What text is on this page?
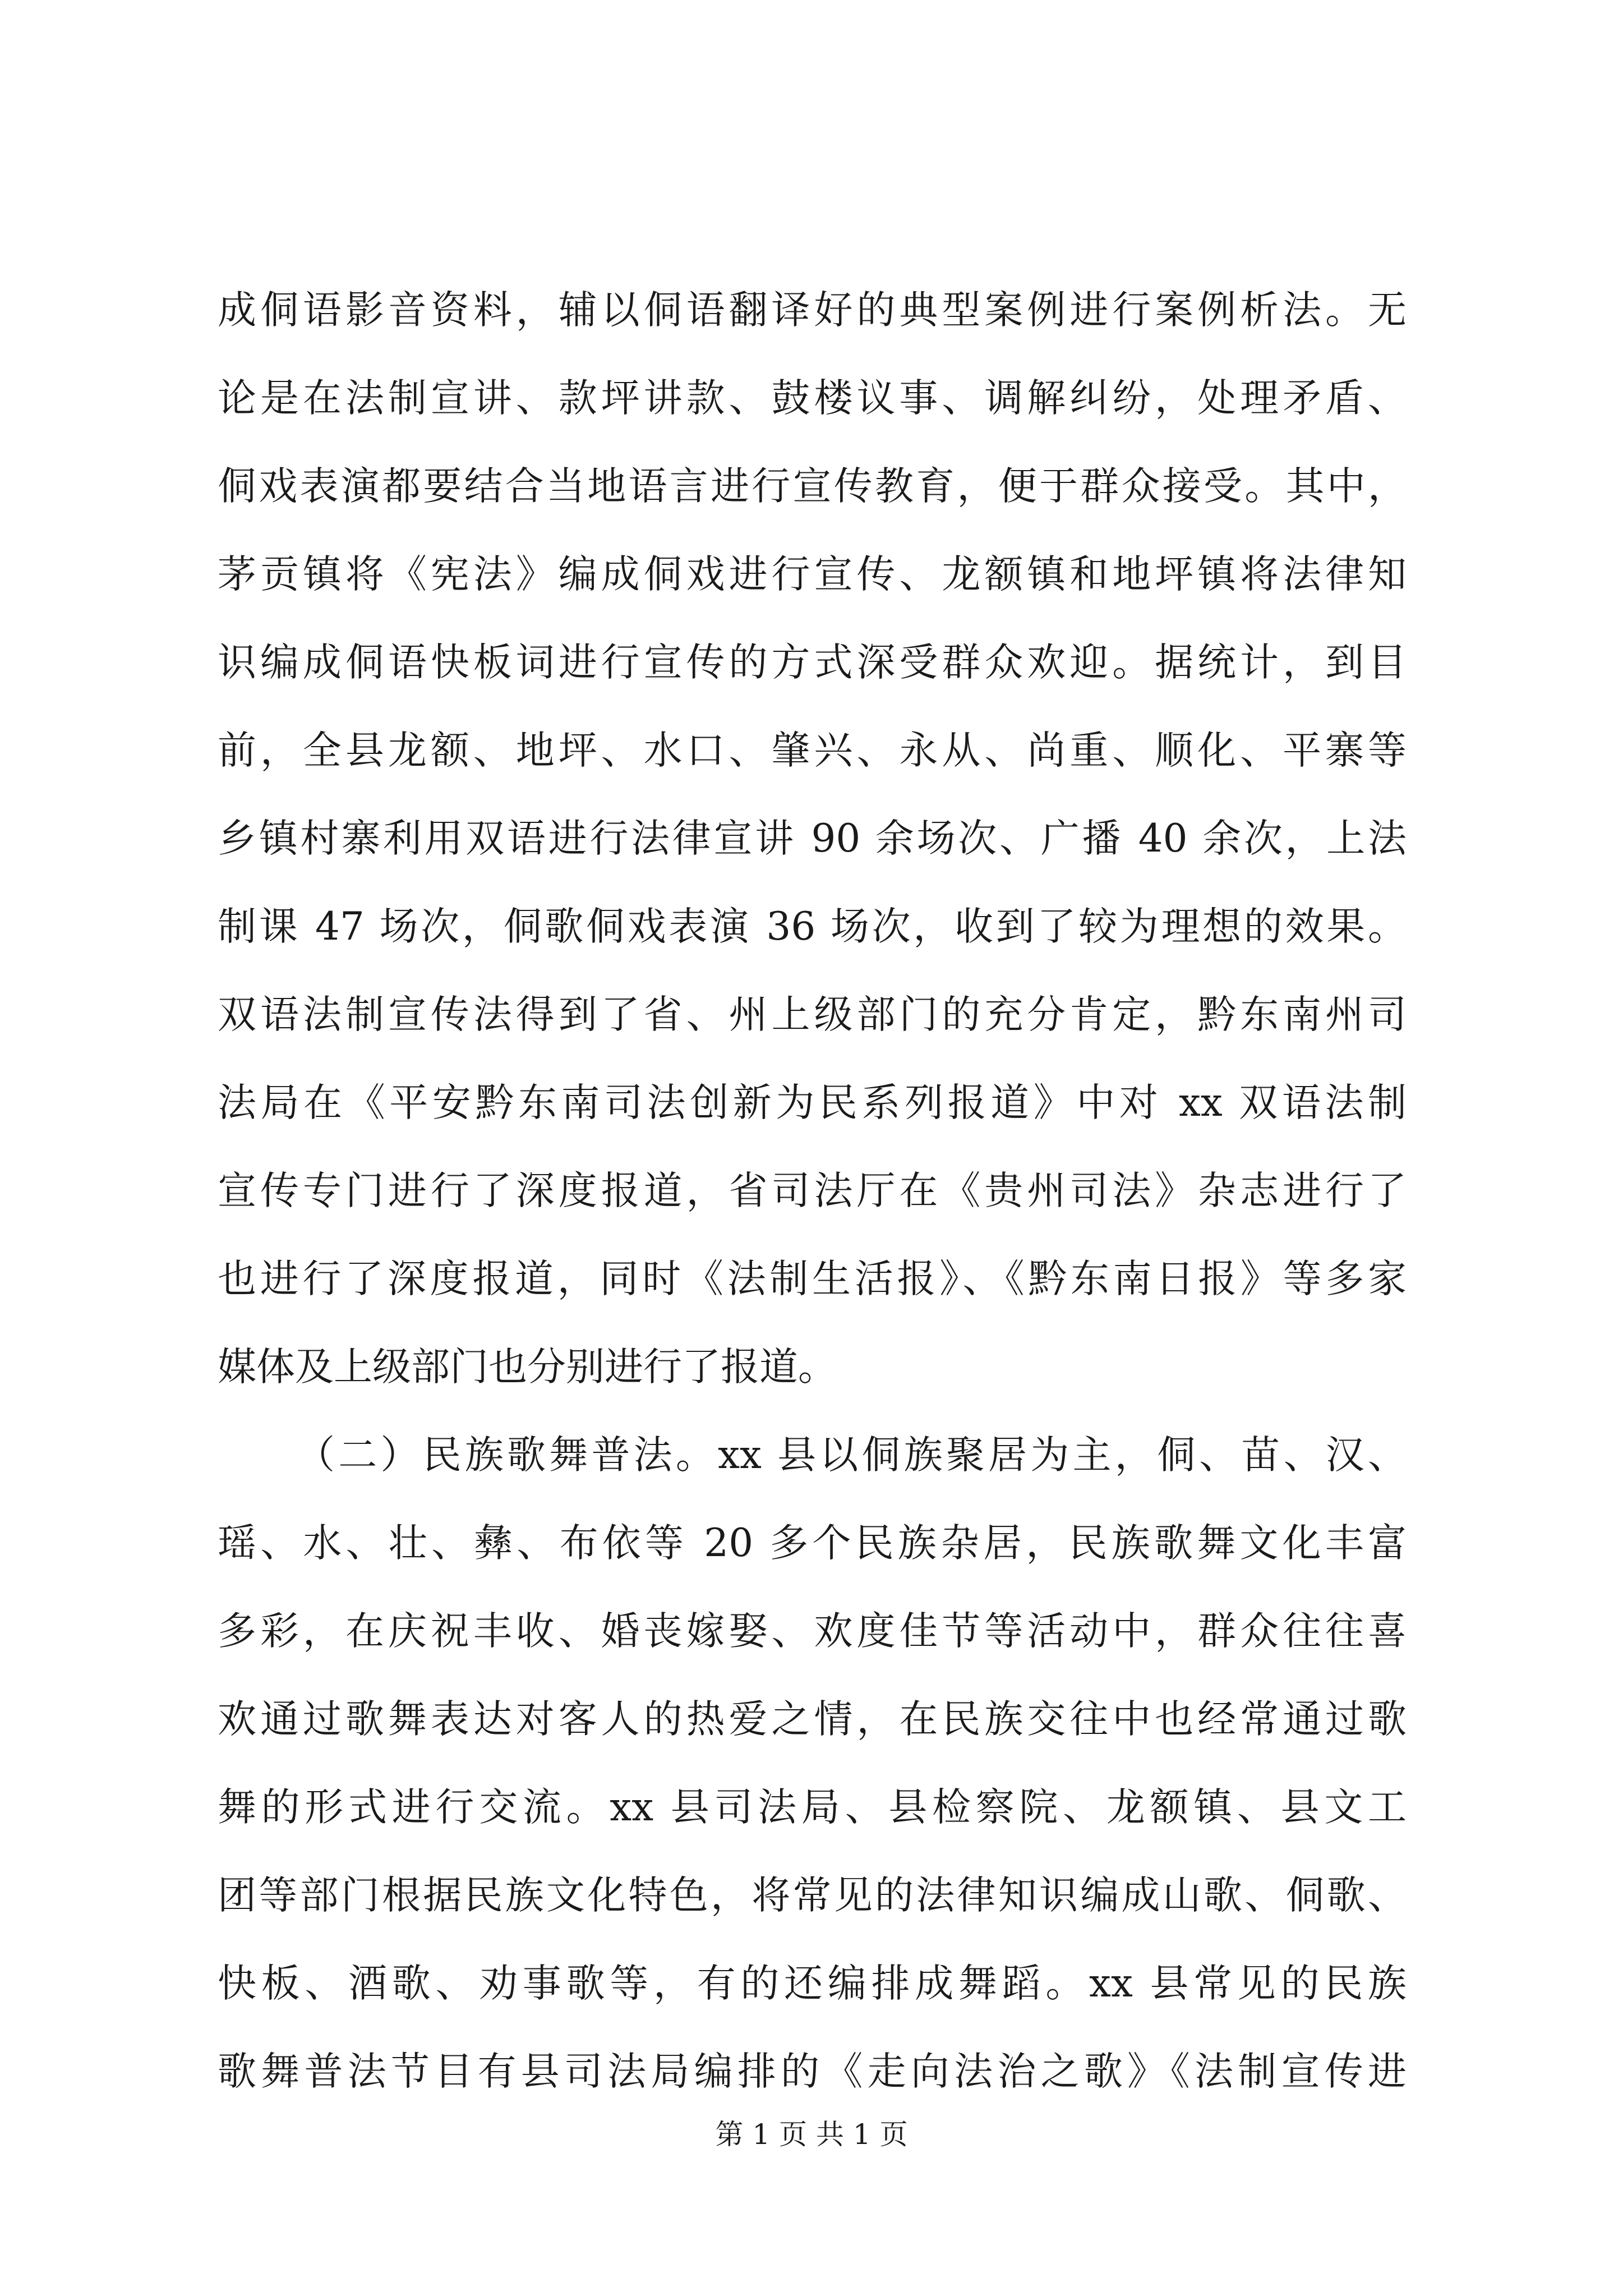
成侗语影音资料，辅以侗语翻译好的典型案例进行案例析法。无
论是在法制宣讲、款坪讲款、鼓楼议事、调解纠纷，处理矛盾、
侗戏表演都要结合当地语言进行宣传教育，便于群众接受。其中，
茅贡镇将《宪法》编成侗戏进行宣传、龙额镇和地坪镇将法律知
识编成侗语快板词进行宣传的方式深受群众欢迎。据统计，到目
前，全县龙额、地坪、水口、肇兴、永从、尚重、顺化、平寨等
乡镇村寨利用双语进行法律宣讲 90 余场次、广播 40 余次，上法
制课 47 场次，侗歌侗戏表演 36 场次，收到了较为理想的效果。
双语法制宣传法得到了省、州上级部门的充分肯定，黔东南州司
法局在《平安黔东南司法创新为民系列报道》中对 xx 双语法制
宣传专门进行了深度报道，省司法厅在《贵州司法》杂志进行了
也进行了深度报道，同时《法制生活报》、《黔东南日报》等多家
媒体及上级部门也分别进行了报道。
（二）民族歌舞普法。xx 县以侗族聚居为主，侗、苗、汉、
瑶、水、壮、彝、布依等 20 多个民族杂居，民族歌舞文化丰富
多彩，在庆祝丰收、婚丧嫁娶、欢度佳节等活动中，群众往往喜
欢通过歌舞表达对客人的热爱之情，在民族交往中也经常通过歌
舞的形式进行交流。xx 县司法局、县检察院、龙额镇、县文工
团等部门根据民族文化特色，将常见的法律知识编成山歌、侗歌、
快板、酒歌、劝事歌等，有的还编排成舞蹈。xx 县常见的民族
歌舞普法节目有县司法局编排的《走向法治之歌》《法制宣传进
第 1 页 共 1 页
